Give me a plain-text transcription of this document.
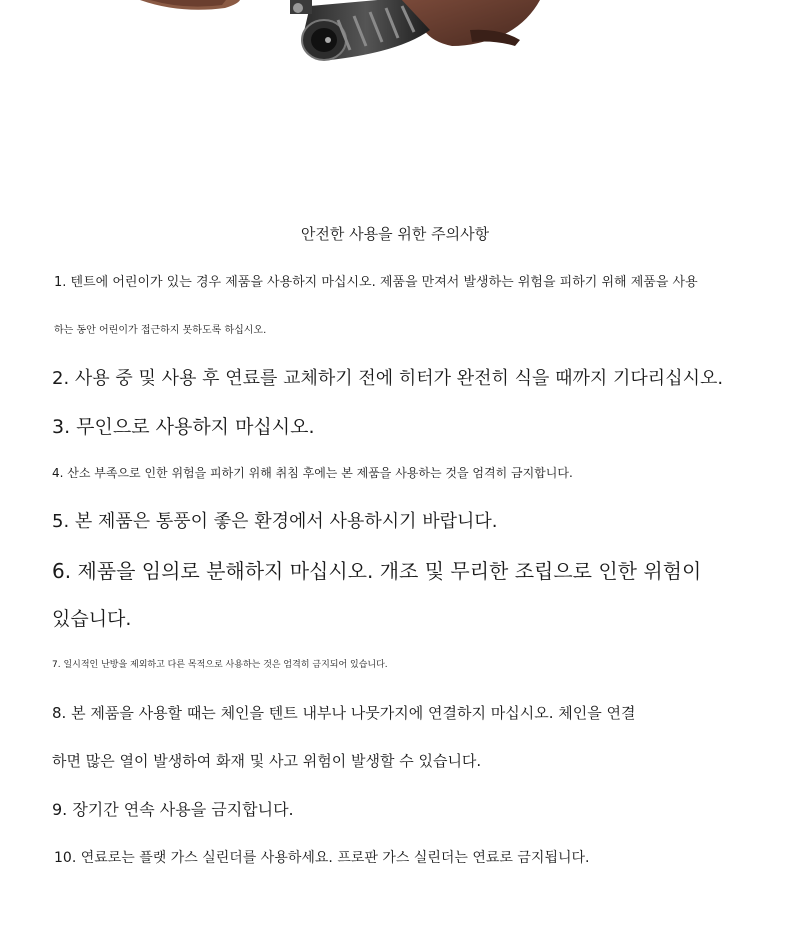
안전한 사용을 위한 주의사항
1. 텐트에 어린이가 있는 경우 제품을 사용하지 마십시오. 제품을 만져서 발생하는 위험을 피하기 위해 제품을 사용
하는 동안 어린이가 접근하지 못하도록 하십시오.
2. 사용 중 및 사용 후 연료를 교체하기 전에 히터가 완전히 식을 때까지 기다리십시오.
3. 무인으로 사용하지 마십시오.
4. 산소 부족으로 인한 위험을 피하기 위해 취침 후에는 본 제품을 사용하는 것을 엄격히 금지합니다.
5. 본 제품은 통풍이 좋은 환경에서 사용하시기 바랍니다.
6. 제품을 임의로 분해하지 마십시오. 개조 및 무리한 조립으로 인한 위험이
있습니다.
7. 일시적인 난방을 제외하고 다른 목적으로 사용하는 것은 엄격히 금지되어 있습니다.
8. 본 제품을 사용할 때는 체인을 텐트 내부나 나뭇가지에 연결하지 마십시오. 체인을 연결
하면 많은 열이 발생하여 화재 및 사고 위험이 발생할 수 있습니다.
9. 장기간 연속 사용을 금지합니다.
10. 연료로는 플랫 가스 실린더를 사용하세요. 프로판 가스 실린더는 연료로 금지됩니다.
